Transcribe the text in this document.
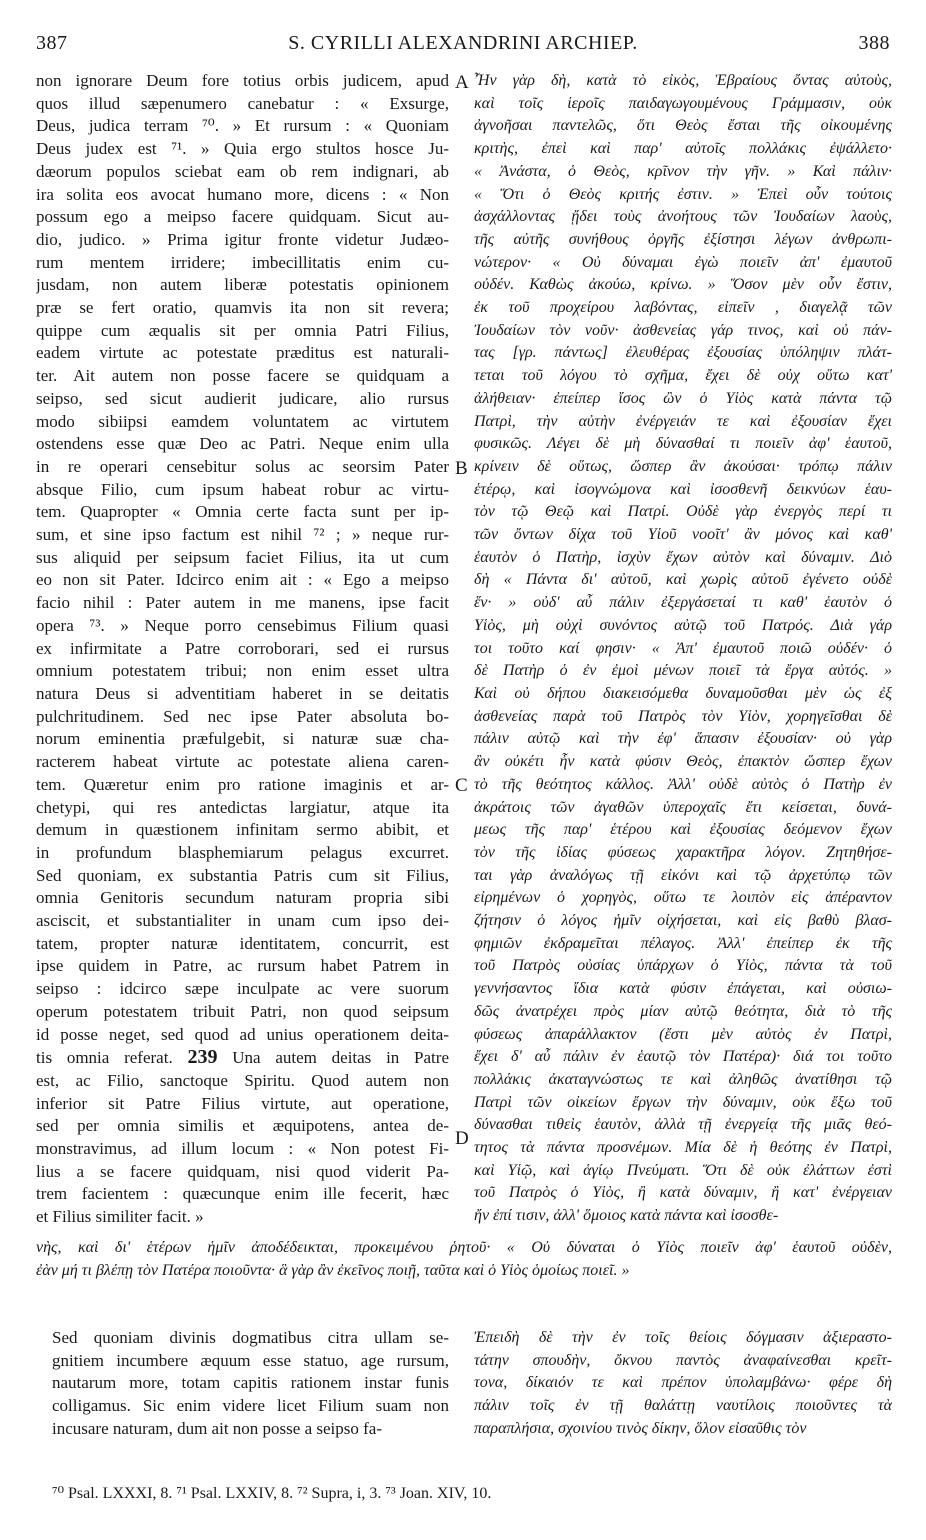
387	S. CYRILLI ALEXANDRINI ARCHIEP.	388
A
B
C
D
non ignorare Deum fore totius orbis judicem, apud
quos illud sæpenumero canebatur : « Exsurge,
Deus, judica terram ⁷⁰. » Et rursum : « Quoniam
Deus judex est ⁷¹. » Quia ergo stultos hosce Ju-
dæorum populos sciebat eam ob rem indignari, ab
ira solita eos avocat humano more, dicens : « Non
possum ego a meipso facere quidquam. Sicut au-
dio, judico. » Prima igitur fronte videtur Judæo-
rum mentem irridere; imbecillitatis enim cu-
jusdam, non autem liberæ potestatis opinionem
præ se fert oratio, quamvis ita non sit revera;
quippe cum æqualis sit per omnia Patri Filius,
eadem virtute ac potestate præditus est naturali-
ter. Ait autem non posse facere se quidquam a
seipso, sed sicut audierit judicare, alio rursus
modo sibiipsi eamdem voluntatem ac virtutem
ostendens esse quæ Deo ac Patri. Neque enim ulla
in re operari censebitur solus ac seorsim Pater
absque Filio, cum ipsum habeat robur ac virtu-
tem. Quapropter « Omnia certe facta sunt per ip-
sum, et sine ipso factum est nihil ⁷² ; » neque rur-
sus aliquid per seipsum faciet Filius, ita ut cum
eo non sit Pater. Idcirco enim ait : « Ego a meipso
facio nihil : Pater autem in me manens, ipse facit
opera ⁷³. » Neque porro censebimus Filium quasi
ex infirmitate a Patre corroborari, sed ei rursus
omnium potestatem tribui; non enim esset ultra
natura Deus si adventitiam haberet in se deitatis
pulchritudinem. Sed nec ipse Pater absoluta bo-
norum eminentia præfulgebit, si naturæ suæ cha-
racterem habeat virtute ac potestate aliena caren-
tem. Quæretur enim pro ratione imaginis et ar-
chetypi, qui res antedictas largiatur, atque ita
demum in quæstionem infinitam sermo abibit, et
in profundum blasphemiarum pelagus excurret.
Sed quoniam, ex substantia Patris cum sit Filius,
omnia Genitoris secundum naturam propria sibi
asciscit, et substantialiter in unam cum ipso dei-
tatem, propter naturæ identitatem, concurrit, est
ipse quidem in Patre, ac rursum habet Patrem in
seipso : idcirco sæpe inculpate ac vere suorum
operum potestatem tribuit Patri, non quod seipsum
id posse neget, sed quod ad unius operationem deita-
tis omnia referat. 239 Una autem deitas in Patre
est, ac Filio, sanctoque Spiritu. Quod autem non
inferior sit Patre Filius virtute, aut operatione,
sed per omnia similis et æquipotens, antea de-
monstravimus, ad illum locum : « Non potest Fi-
lius a se facere quidquam, nisi quod viderit Pa-
trem facientem : quæcunque enim ille fecerit, hæc
et Filius similiter facit. »
Ἦν γὰρ δὴ, κατὰ τὸ εἰκὸς, Ἑβραίους ὄντας αὐτοὺς,
καὶ τοῖς ἱεροῖς παιδαγωγουμένους Γράμμασιν, οὐκ
ἀγνοῆσαι παντελῶς, ὅτι Θεὸς ἔσται τῆς οἰκουμένης
κριτὴς, ἐπεὶ καὶ παρ' αὐτοῖς πολλάκις ἐψάλλετο·
« Ἀνάστα, ὁ Θεὸς, κρῖνον τὴν γῆν. » Καὶ πάλιν·
« Ὅτι ὁ Θεὸς κριτής ἐστιν. » Ἐπεὶ οὖν τούτοις
ἀσχάλλοντας ᾔδει τοὺς ἀνοήτους τῶν Ἰουδαίων λαοὺς,
τῆς αὐτῆς συνήθους ὀργῆς ἐξίστησι λέγων ἀνθρωπι-
νώτερον· « Οὐ δύναμαι ἐγὼ ποιεῖν ἀπ' ἐμαυτοῦ
οὐδέν. Καθὼς ἀκούω, κρίνω. » Ὅσον μὲν οὖν ἔστιν,
ἐκ τοῦ προχείρου λαβόντας, εἰπεῖν , διαγελᾷ τῶν
Ἰουδαίων τὸν νοῦν· ἀσθενείας γάρ τινος, καὶ οὐ πάν-
τας [γρ. πάντως] ἐλευθέρας ἐξουσίας ὑπόληψιν πλάτ-
τεται τοῦ λόγου τὸ σχῆμα, ἔχει δὲ οὐχ οὕτω κατ'
ἀλήθειαν· ἐπείπερ ἴσος ὢν ὁ Υἱὸς κατὰ πάντα τῷ
Πατρὶ, τὴν αὐτὴν ἐνέργειάν τε καὶ ἐξουσίαν ἔχει
φυσικῶς. Λέγει δὲ μὴ δύνασθαί τι ποιεῖν ἀφ' ἑαυτοῦ,
κρίνειν δὲ οὕτως, ὥσπερ ἂν ἀκούσαι· τρόπῳ πάλιν
ἑτέρῳ, καὶ ἰσογνώμονα καὶ ἰσοσθενῆ δεικνύων ἑαυ-
τὸν τῷ Θεῷ καὶ Πατρί. Οὐδὲ γὰρ ἐνεργὸς περί τι
τῶν ὄντων δίχα τοῦ Υἱοῦ νοοῖτ' ἂν μόνος καὶ καθ'
ἑαυτὸν ὁ Πατὴρ, ἰσχὺν ἔχων αὐτὸν καὶ δύναμιν. Διὸ
δὴ « Πάντα δι' αὐτοῦ, καὶ χωρὶς αὐτοῦ ἐγένετο οὐδὲ
ἕν· » οὐδ' αὖ πάλιν ἐξεργάσεταί τι καθ' ἑαυτὸν ὁ
Υἱὸς, μὴ οὐχὶ συνόντος αὐτῷ τοῦ Πατρός. Διὰ γάρ
τοι τοῦτο καί φησιν· « Ἀπ' ἐμαυτοῦ ποιῶ οὐδέν· ὁ
δὲ Πατὴρ ὁ ἐν ἐμοὶ μένων ποιεῖ τὰ ἔργα αὐτός. »
Καὶ οὐ δήπου διακεισόμεθα δυναμοῦσθαι μὲν ὡς ἐξ
ἀσθενείας παρὰ τοῦ Πατρὸς τὸν Υἱὸν, χορηγεῖσθαι δὲ
πάλιν αὐτῷ καὶ τὴν ἐφ' ἅπασιν ἐξουσίαν· οὐ γὰρ
ἂν οὐκέτι ἦν κατὰ φύσιν Θεὸς, ἐπακτὸν ὥσπερ ἔχων
τὸ τῆς θεότητος κάλλος. Ἀλλ' οὐδὲ αὐτὸς ὁ Πατὴρ ἐν
ἀκράτοις τῶν ἀγαθῶν ὑπεροχαῖς ἔτι κείσεται, δυνά-
μεως τῆς παρ' ἑτέρου καὶ ἐξουσίας δεόμενον ἔχων
τὸν τῆς ἰδίας φύσεως χαρακτῆρα λόγον. Ζητηθήσε-
ται γὰρ ἀναλόγως τῇ εἰκόνι καὶ τῷ ἀρχετύπῳ τῶν
εἰρημένων ὁ χορηγὸς, οὕτω τε λοιπὸν εἰς ἀπέραντον
ζήτησιν ὁ λόγος ἡμῖν οἰχήσεται, καὶ εἰς βαθὺ βλασ-
φημιῶν ἐκδραμεῖται πέλαγος. Ἀλλ' ἐπείπερ ἐκ τῆς
τοῦ Πατρὸς οὐσίας ὑπάρχων ὁ Υἱὸς, πάντα τὰ τοῦ
γεννήσαντος ἴδια κατὰ φύσιν ἐπάγεται, καὶ οὐσιω-
δῶς ἀνατρέχει πρὸς μίαν αὐτῷ θεότητα, διὰ τὸ τῆς
φύσεως ἀπαράλλακτον (ἔστι μὲν αὐτὸς ἐν Πατρὶ,
ἔχει δ' αὖ πάλιν ἐν ἑαυτῷ τὸν Πατέρα)· διά τοι τοῦτο
πολλάκις ἀκαταγνώστως τε καὶ ἀληθῶς ἀνατίθησι τῷ
Πατρὶ τῶν οἰκείων ἔργων τὴν δύναμιν, οὐκ ἔξω τοῦ
δύνασθαι τιθεὶς ἑαυτὸν, ἀλλὰ τῇ ἐνεργείᾳ τῆς μιᾶς θεό-
τητος τὰ πάντα προσνέμων. Μία δὲ ἡ θεότης ἐν Πατρὶ,
καὶ Υἱῷ, καὶ ἁγίῳ Πνεύματι. Ὅτι δὲ οὐκ ἐλάττων ἐστὶ
τοῦ Πατρὸς ὁ Υἱὸς, ἢ κατὰ δύναμιν, ἢ κατ' ἐνέργειαν
ἤν ἐπί τισιν, ἀλλ' ὅμοιος κατὰ πάντα καὶ ἰσοσθε-
νὴς, καὶ δι' ἑτέρων ἡμῖν ἀποδέδεικται, προκειμένου ῥητοῦ· « Οὐ δύναται ὁ Υἱὸς ποιεῖν ἀφ' ἑαυτοῦ οὐδὲν,
ἐὰν μή τι βλέπῃ τὸν Πατέρα ποιοῦντα· ἃ γὰρ ἂν ἐκεῖνος ποιῇ, ταῦτα καὶ ὁ Υἱὸς ὁμοίως ποιεῖ. »
Sed quoniam divinis dogmatibus citra ullam se-
gnitiem incumbere æquum esse statuo, age rursum,
nautarum more, totam capitis rationem instar funis
colligamus. Sic enim videre licet Filium suam non
incusare naturam, dum ait non posse a seipso fa-
Ἐπειδὴ δὲ τὴν ἐν τοῖς θείοις δόγμασιν ἀξιεραστο-
τάτην σπουδὴν, ὄκνου παντὸς ἀναφαίνεσθαι κρεῖτ-
τονα, δίκαιόν τε καὶ πρέπον ὑπολαμβάνω· φέρε δὴ
πάλιν τοῖς ἐν τῇ θαλάττῃ ναυτίλοις ποιοῦντες τὰ
παραπλήσια, σχοινίου τινὸς δίκην, ὅλον εἰσαῦθις τὸν
⁷⁰ Psal. LXXXI, 8. ⁷¹ Psal. LXXIV, 8. ⁷² Supra, i, 3. ⁷³ Joan. XIV, 10.
